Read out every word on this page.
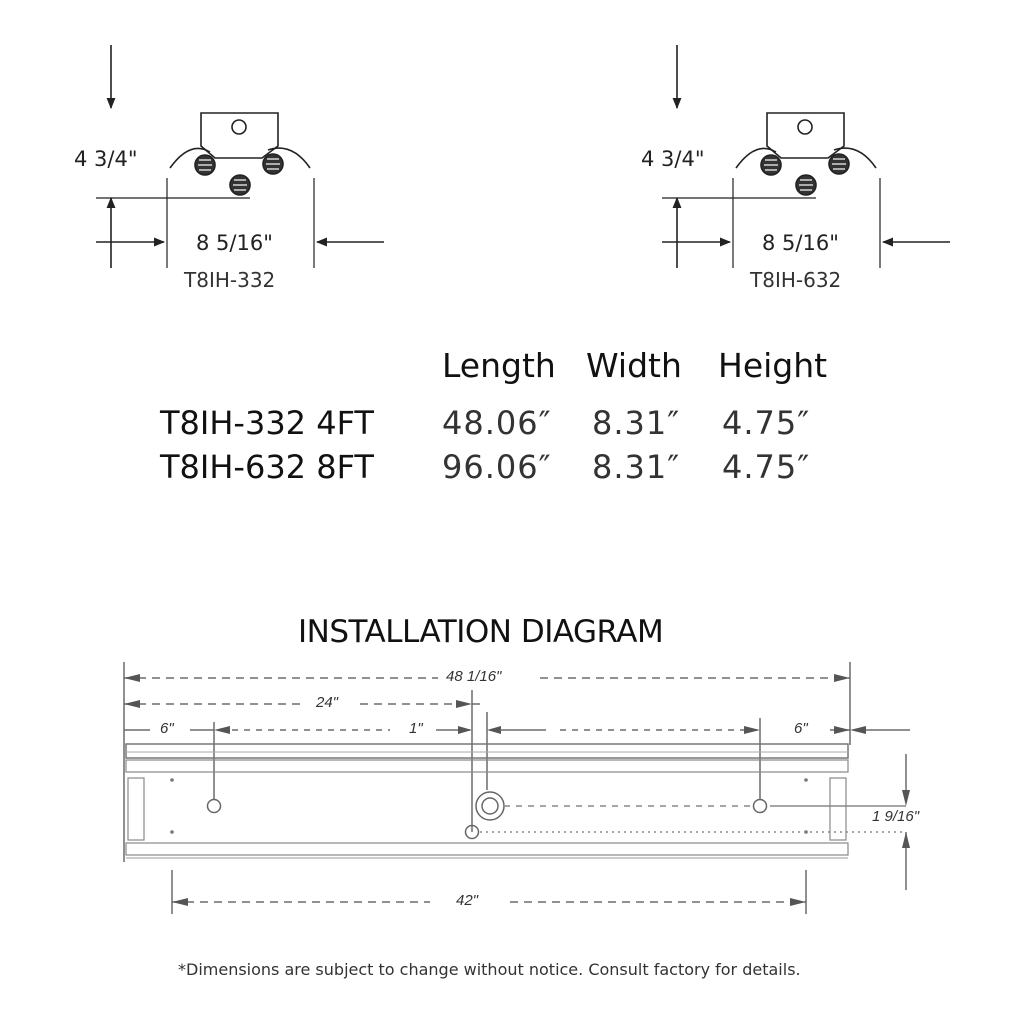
4 3/4"
8 5/16"
T8IH-332
4 3/4"
8 5/16"
T8IH-632
Length Width Height
T8IH-332 4FT 48.06″ 8.31″ 4.75″
T8IH-632 8FT 96.06″ 8.31″ 4.75″
INSTALLATION DIAGRAM
48 1/16"
24"
6"	1"	6"
1 9/16"
42"
*Dimensions are subject to change without notice. Consult factory for details.
